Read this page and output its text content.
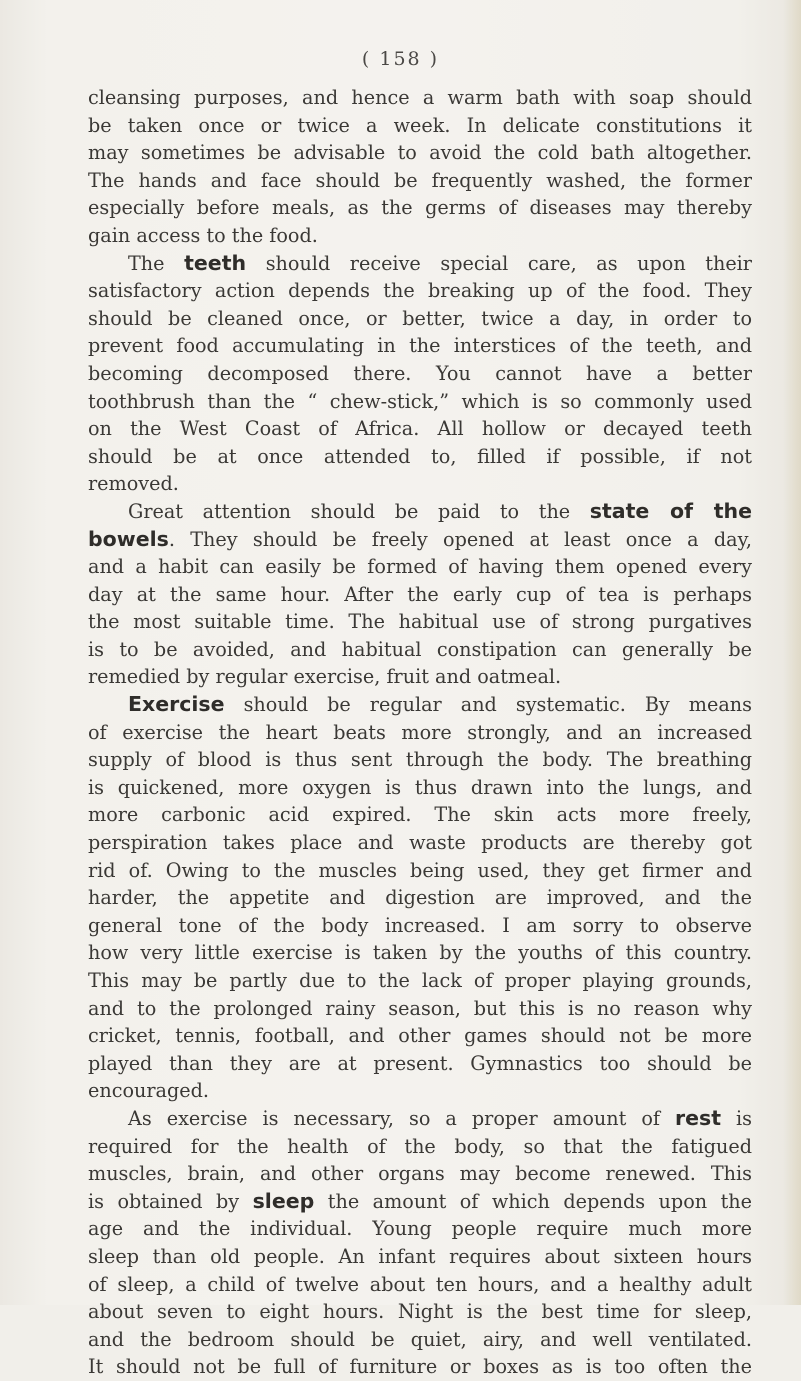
( 158 )
cleansing purposes, and hence a warm bath with soap should
be taken once or twice a week. In delicate constitutions it
may sometimes be advisable to avoid the cold bath altogether.
The hands and face should be frequently washed, the former
especially before meals, as the germs of diseases may thereby
gain access to the food.
The teeth should receive special care, as upon their
satisfactory action depends the breaking up of the food. They
should be cleaned once, or better, twice a day, in order to
prevent food accumulating in the interstices of the teeth, and
becoming decomposed there. You cannot have a better
toothbrush than the “ chew-stick,” which is so commonly used
on the West Coast of Africa. All hollow or decayed teeth
should be at once attended to, filled if possible, if not
removed.
Great attention should be paid to the state of the
bowels. They should be freely opened at least once a day,
and a habit can easily be formed of having them opened every
day at the same hour. After the early cup of tea is perhaps
the most suitable time. The habitual use of strong purgatives
is to be avoided, and habitual constipation can generally be
remedied by regular exercise, fruit and oatmeal.
Exercise should be regular and systematic. By means
of exercise the heart beats more strongly, and an increased
supply of blood is thus sent through the body. The breathing
is quickened, more oxygen is thus drawn into the lungs, and
more carbonic acid expired. The skin acts more freely,
perspiration takes place and waste products are thereby got
rid of. Owing to the muscles being used, they get firmer and
harder, the appetite and digestion are improved, and the
general tone of the body increased. I am sorry to observe
how very little exercise is taken by the youths of this country.
This may be partly due to the lack of proper playing grounds,
and to the prolonged rainy season, but this is no reason why
cricket, tennis, football, and other games should not be more
played than they are at present. Gymnastics too should be
encouraged.
As exercise is necessary, so a proper amount of rest is
required for the health of the body, so that the fatigued
muscles, brain, and other organs may become renewed. This
is obtained by sleep the amount of which depends upon the
age and the individual. Young people require much more
sleep than old people. An infant requires about sixteen hours
of sleep, a child of twelve about ten hours, and a healthy adult
about seven to eight hours. Night is the best time for sleep,
and the bedroom should be quiet, airy, and well ventilated.
It should not be full of furniture or boxes as is too often the
